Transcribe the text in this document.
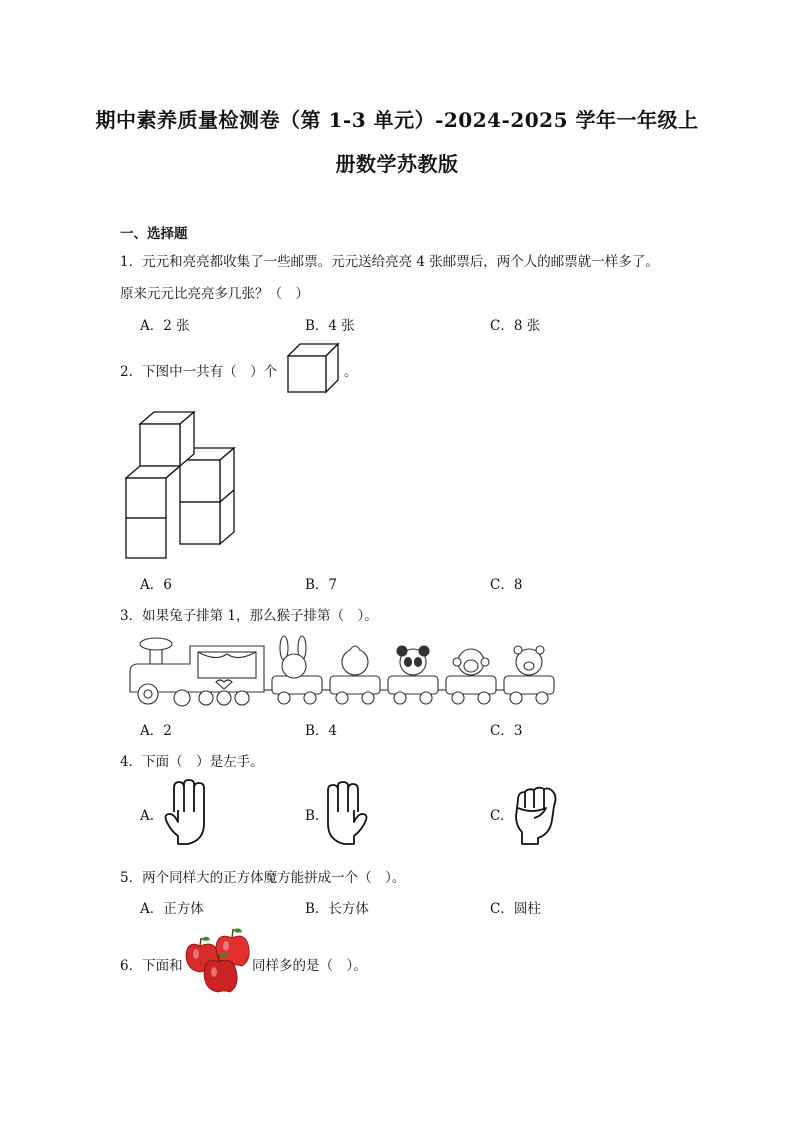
期中素养质量检测卷（第 1-3 单元）-2024-2025 学年一年级上
册数学苏教版
一、选择题
1．元元和亮亮都收集了一些邮票。元元送给亮亮 4 张邮票后，两个人的邮票就一样多了。
原来元元比亮亮多几张？（　）
A．2 张	B．4 张	C．8 张
2．下图中一共有（　）个	。
A．6	B．7	C．8
3．如果兔子排第 1，那么猴子排第（　）。
A．2	B．4	C．3
4．下面（　）是左手。
A.	B.	C.
5．两个同样大的正方体魔方能拼成一个（　）。
A．正方体	B．长方体	C．圆柱
6．下面和	同样多的是（　）。
